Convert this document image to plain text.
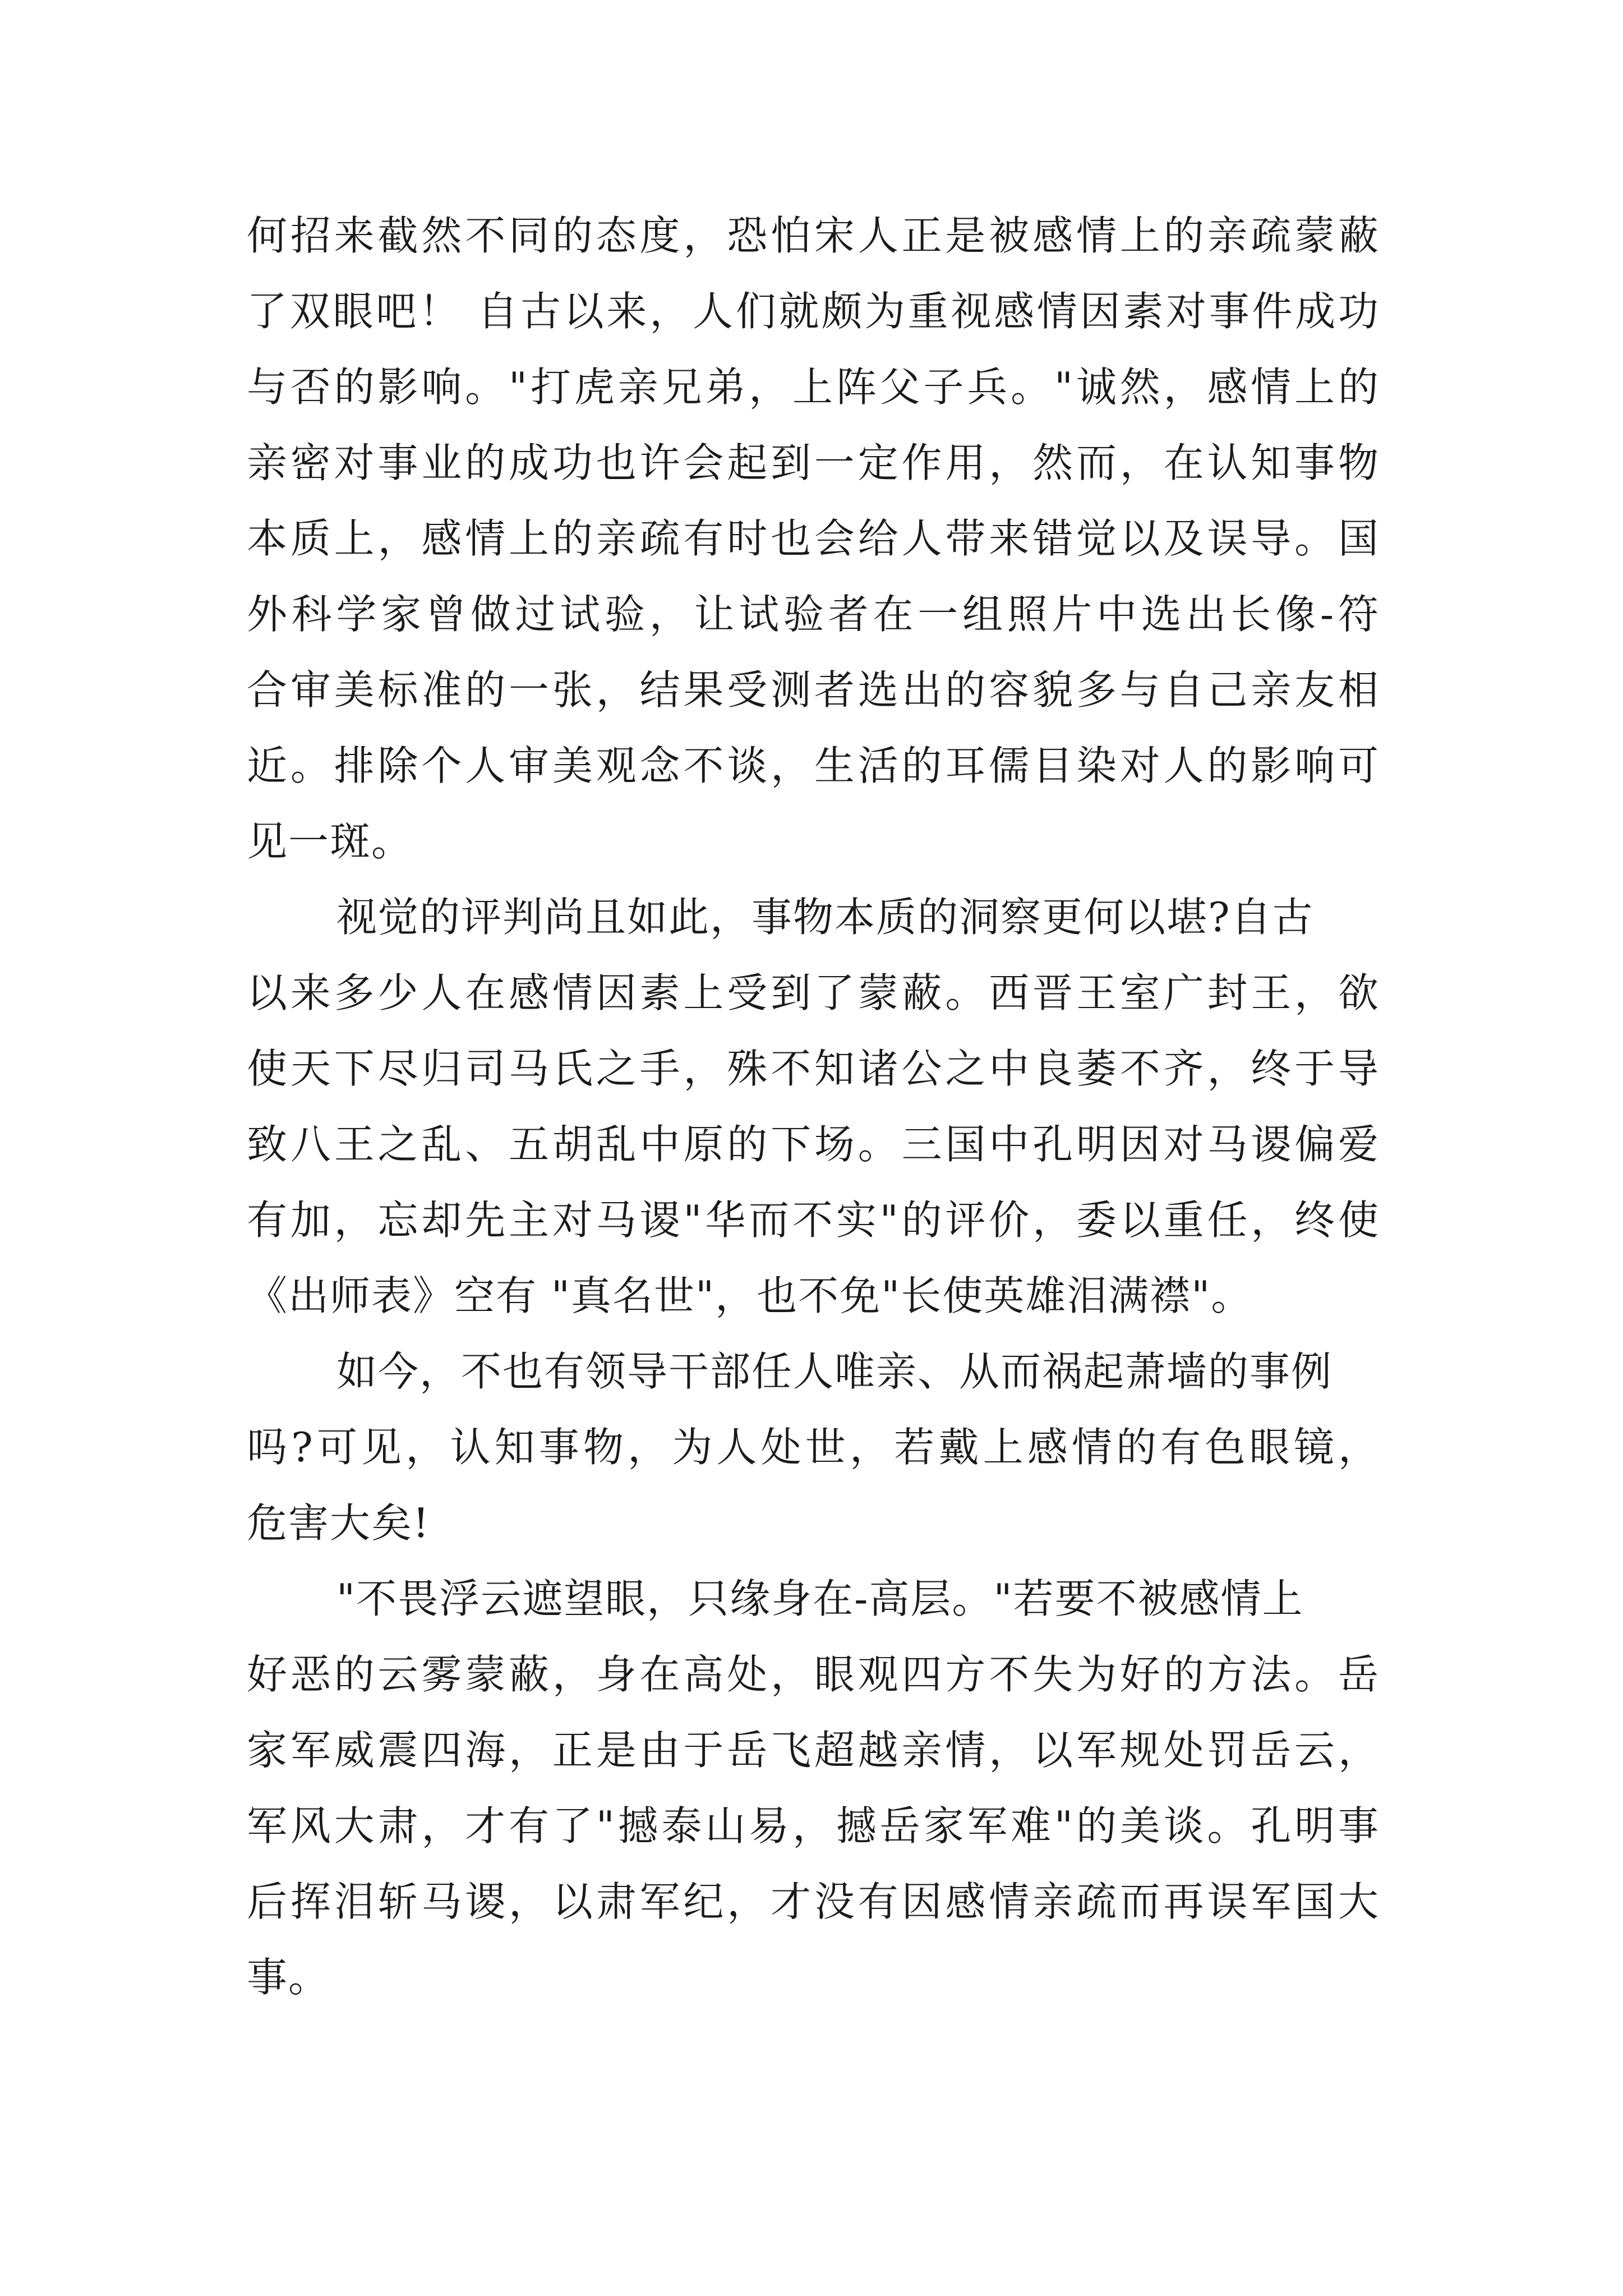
何招来截然不同的态度，恐怕宋人正是被感情上的亲疏蒙蔽
了双眼吧！ 自古以来，人们就颇为重视感情因素对事件成功
与否的影响。"打虎亲兄弟，上阵父子兵。"诚然，感情上的
亲密对事业的成功也许会起到一定作用，然而，在认知事物
本质上，感情上的亲疏有时也会给人带来错觉以及误导。国
外科学家曾做过试验，让试验者在一组照片中选出长像-符
合审美标准的一张，结果受测者选出的容貌多与自己亲友相
近。排除个人审美观念不谈，生活的耳儒目染对人的影响可
见一斑。
视觉的评判尚且如此，事物本质的洞察更何以堪?自古
以来多少人在感情因素上受到了蒙蔽。西晋王室广封王，欲
使天下尽归司马氏之手，殊不知诸公之中良萎不齐，终于导
致八王之乱、五胡乱中原的下场。三国中孔明因对马谡偏爱
有加，忘却先主对马谡"华而不实"的评价，委以重任，终使
《出师表》空有 "真名世"，也不免"长使英雄泪满襟"。
如今，不也有领导干部任人唯亲、从而祸起萧墙的事例
吗?可见，认知事物，为人处世，若戴上感情的有色眼镜，
危害大矣!
"不畏浮云遮望眼，只缘身在-高层。"若要不被感情上
好恶的云雾蒙蔽，身在高处，眼观四方不失为好的方法。岳
家军威震四海，正是由于岳飞超越亲情，以军规处罚岳云，
军风大肃，才有了"撼泰山易，撼岳家军难"的美谈。孔明事
后挥泪斩马谡，以肃军纪，才没有因感情亲疏而再误军国大
事。
